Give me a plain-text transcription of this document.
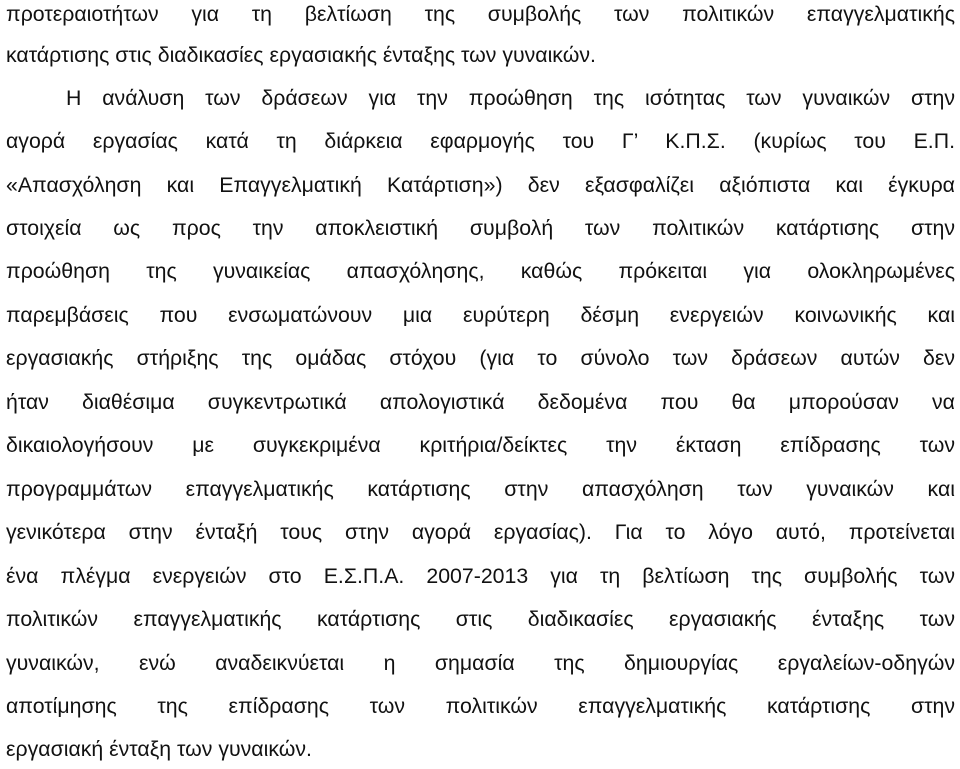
προτεραιοτήτων για τη βελτίωση της συμβολής των πολιτικών επαγγελματικής
κατάρτισης στις διαδικασίες εργασιακής ένταξης των γυναικών.
Η ανάλυση των δράσεων για την προώθηση της ισότητας των γυναικών στην
αγορά εργασίας κατά τη διάρκεια εφαρμογής του Γ’ Κ.Π.Σ. (κυρίως του Ε.Π.
«Απασχόληση και Επαγγελματική Κατάρτιση») δεν εξασφαλίζει αξιόπιστα και έγκυρα
στοιχεία ως προς την αποκλειστική συμβολή των πολιτικών κατάρτισης στην
προώθηση της γυναικείας απασχόλησης, καθώς πρόκειται για ολοκληρωμένες
παρεμβάσεις που ενσωματώνουν μια ευρύτερη δέσμη ενεργειών κοινωνικής και
εργασιακής στήριξης της ομάδας στόχου (για το σύνολο των δράσεων αυτών δεν
ήταν διαθέσιμα συγκεντρωτικά απολογιστικά δεδομένα που θα μπορούσαν να
δικαιολογήσουν με συγκεκριμένα κριτήρια/δείκτες την έκταση επίδρασης των
προγραμμάτων επαγγελματικής κατάρτισης στην απασχόληση των γυναικών και
γενικότερα στην ένταξή τους στην αγορά εργασίας). Για το λόγο αυτό, προτείνεται
ένα πλέγμα ενεργειών στο Ε.Σ.Π.Α. 2007-2013 για τη βελτίωση της συμβολής των
πολιτικών επαγγελματικής κατάρτισης στις διαδικασίες εργασιακής ένταξης των
γυναικών, ενώ αναδεικνύεται η σημασία της δημιουργίας εργαλείων-οδηγών
αποτίμησης της επίδρασης των πολιτικών επαγγελματικής κατάρτισης στην
εργασιακή ένταξη των γυναικών.
